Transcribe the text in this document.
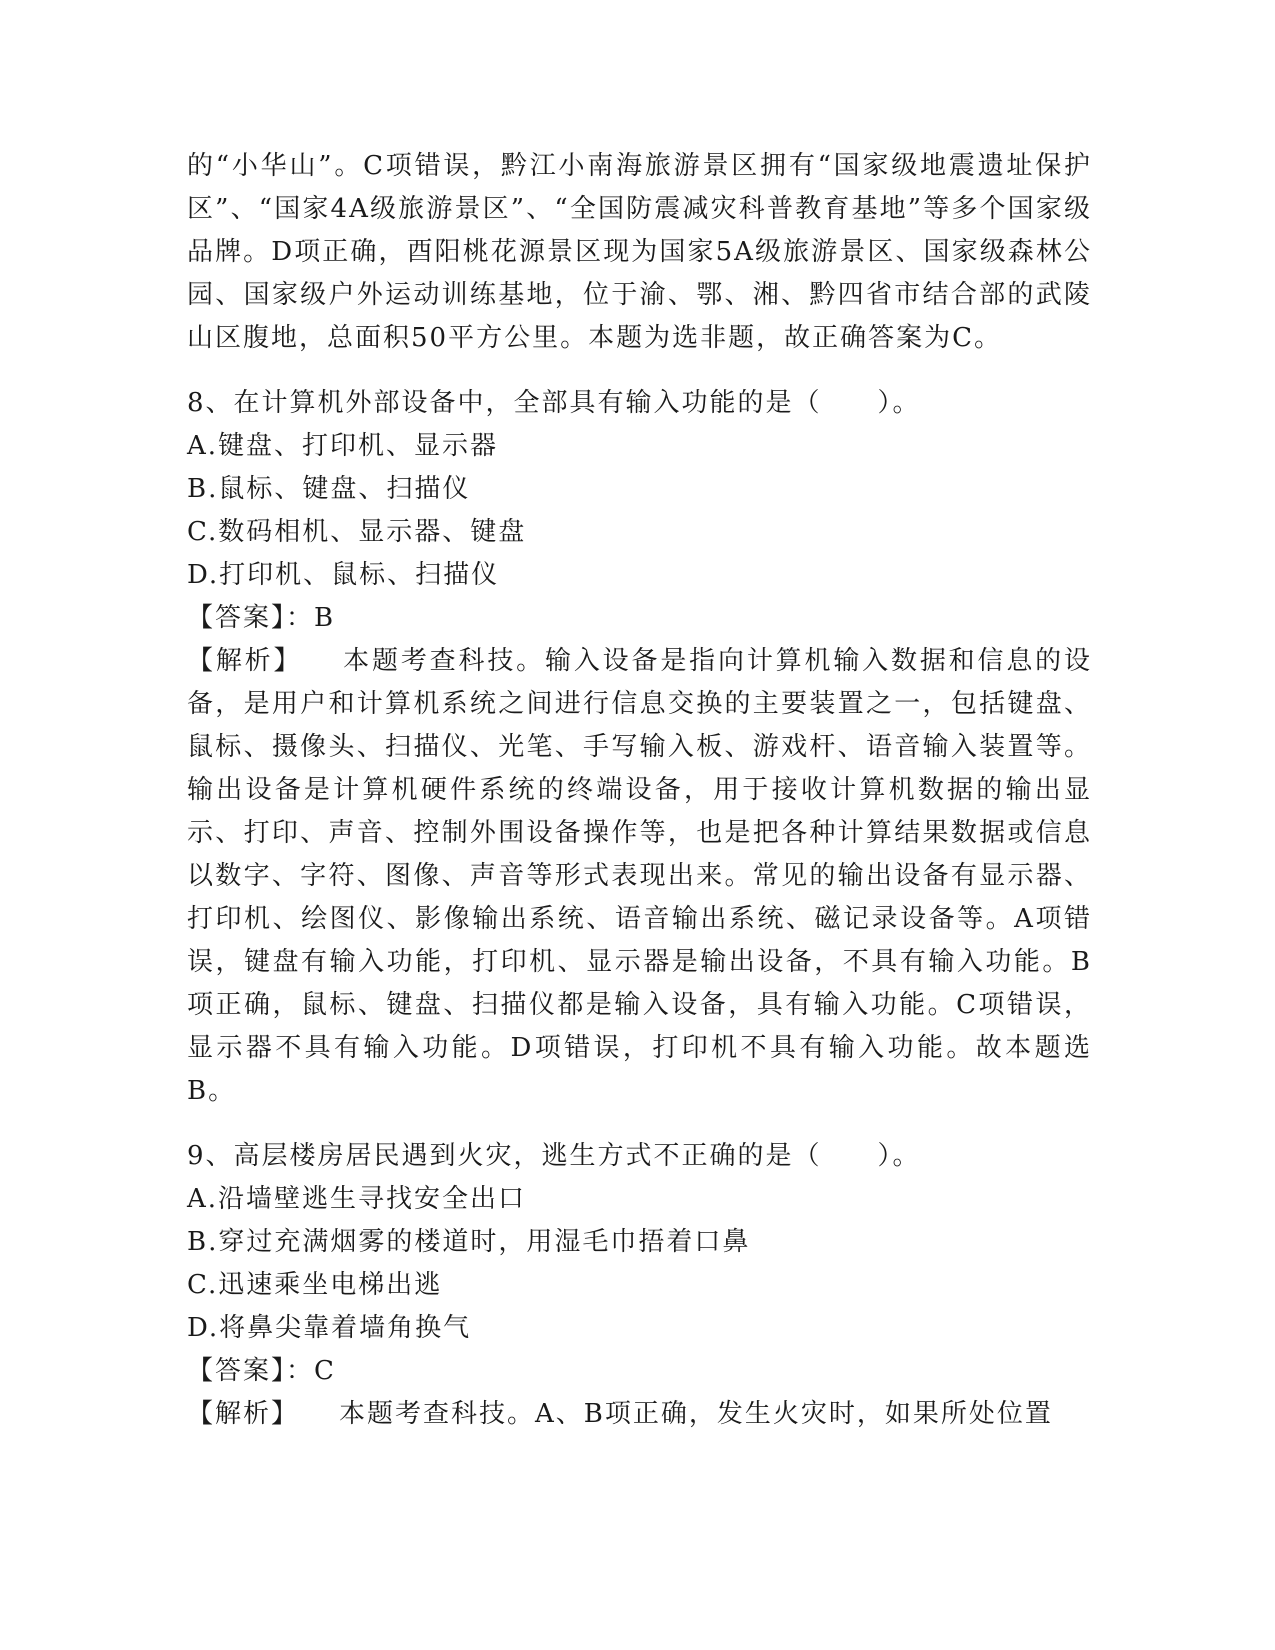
的“小华山”。C项错误，黔江小南海旅游景区拥有“国家级地震遗址保护区”、“国家4A级旅游景区”、“全国防震减灾科普教育基地”等多个国家级品牌。D项正确，酉阳桃花源景区现为国家5A级旅游景区、国家级森林公园、国家级户外运动训练基地，位于渝、鄂、湘、黔四省市结合部的武陵山区腹地，总面积50平方公里。本题为选非题，故正确答案为C。

8、在计算机外部设备中，全部具有输入功能的是（　　）。

A.键盘、打印机、显示器

B.鼠标、键盘、扫描仪

C.数码相机、显示器、键盘

D.打印机、鼠标、扫描仪

【答案】：B

【解析】 本题考查科技。输入设备是指向计算机输入数据和信息的设备，是用户和计算机系统之间进行信息交换的主要装置之一，包括键盘、鼠标、摄像头、扫描仪、光笔、手写输入板、游戏杆、语音输入装置等。输出设备是计算机硬件系统的终端设备，用于接收计算机数据的输出显示、打印、声音、控制外围设备操作等，也是把各种计算结果数据或信息以数字、字符、图像、声音等形式表现出来。常见的输出设备有显示器、打印机、绘图仪、影像输出系统、语音输出系统、磁记录设备等。A项错误，键盘有输入功能，打印机、显示器是输出设备，不具有输入功能。B项正确，鼠标、键盘、扫描仪都是输入设备，具有输入功能。C项错误，显示器不具有输入功能。D项错误，打印机不具有输入功能。故本题选B。

9、高层楼房居民遇到火灾，逃生方式不正确的是（　　）。

A.沿墙壁逃生寻找安全出口

B.穿过充满烟雾的楼道时，用湿毛巾捂着口鼻

C.迅速乘坐电梯出逃

D.将鼻尖靠着墙角换气

【答案】：C

【解析】 本题考查科技。A、B项正确，发生火灾时，如果所处位置
